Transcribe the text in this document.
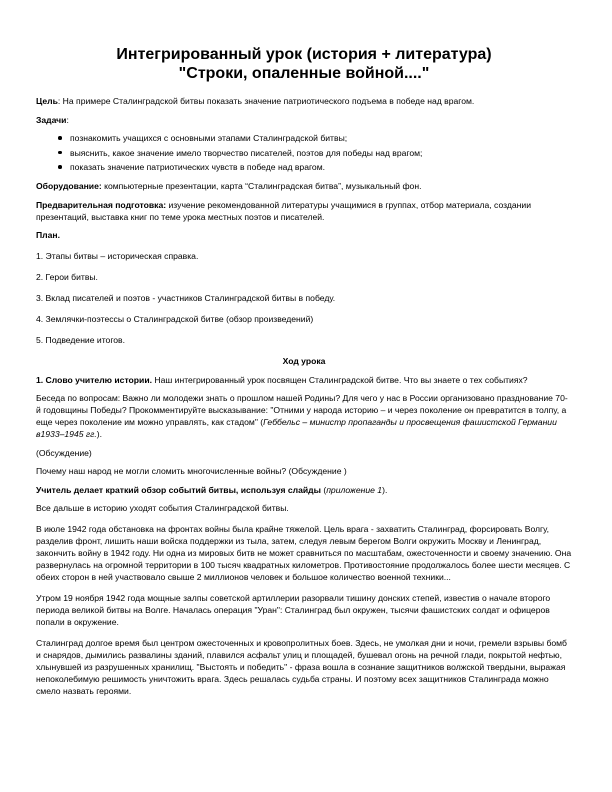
Интегрированный урок (история + литература)
"Строки, опаленные войной...."

Цель: На примере Сталинградской битвы показать значение патриотического подъема в победе над врагом.

Задачи:

познакомить учащихся с основными этапами Сталинградской битвы;
выяснить, какое значение имело творчество писателей, поэтов для победы над врагом;
показать значение патриотических чувств в победе над врагом.

Оборудование: компьютерные презентации, карта “Сталинградская битва”, музыкальный фон.

Предварительная подготовка: изучение рекомендованной литературы учащимися в группах, отбор материала, создании презентаций, выставка книг по теме урока местных поэтов и писателей.

План.

1. Этапы битвы – историческая справка.

2. Герои битвы.

3. Вклад писателей и поэтов - участников Сталинградской битвы в победу.

4. Землячки-поэтессы о Сталинградской битве (обзор произведений)

5. Подведение итогов.

Ход урока

1. Слово учителю истории. Наш интегрированный урок посвящен Сталинградской битве. Что вы знаете о тех событиях?

Беседа по вопросам: Важно ли молодежи знать о прошлом нашей Родины? Для чего у нас в России организовано празднование 70-й годовщины Победы? Прокомментируйте высказывание: "Отними у народа историю – и через поколение он превратится в толпу, а еще через поколение им можно управлять, как стадом" (Геббельс – министр пропаганды и просвещения фашистской Германии в1933–1945 гг.).

(Обсуждение)

Почему наш народ не могли сломить многочисленные войны? (Обсуждение )

Учитель делает краткий обзор событий битвы, используя слайды (приложение 1).

Все дальше в историю уходят события Сталинградской битвы.

В июле 1942 года обстановка на фронтах войны была крайне тяжелой. Цель врага - захватить Сталинград, форсировать Волгу, разделив фронт, лишить наши войска поддержки из тыла, затем, следуя левым берегом Волги окружить Москву и Ленинград, закончить войну в 1942 году. Ни одна из мировых битв не может сравниться по масштабам, ожесточенности и своему значению. Она развернулась на огромной территории в 100 тысяч квадратных километров. Противостояние продолжалось более шести месяцев. С обеих сторон в ней участвовало свыше 2 миллионов человек и большое количество военной техники...

Утром 19 ноября 1942 года мощные залпы советской артиллерии разорвали тишину донских степей, известив о начале второго периода великой битвы на Волге. Началась операция "Уран": Сталинград был окружен, тысячи фашистских солдат и офицеров попали в окружение.

Сталинград долгое время был центром ожесточенных и кровопролитных боев. Здесь, не умолкая дни и ночи, гремели взрывы бомб и снарядов, дымились развалины зданий, плавился асфальт улиц и площадей, бушевал огонь на речной глади, покрытой нефтью, хлынувшей из разрушенных хранилищ. "Выстоять и победить" - фраза вошла в сознание защитников волжской твердыни, выражая непоколебимую решимость уничтожить врага. Здесь решалась судьба страны. И поэтому всех защитников Сталинграда можно смело назвать героями.
